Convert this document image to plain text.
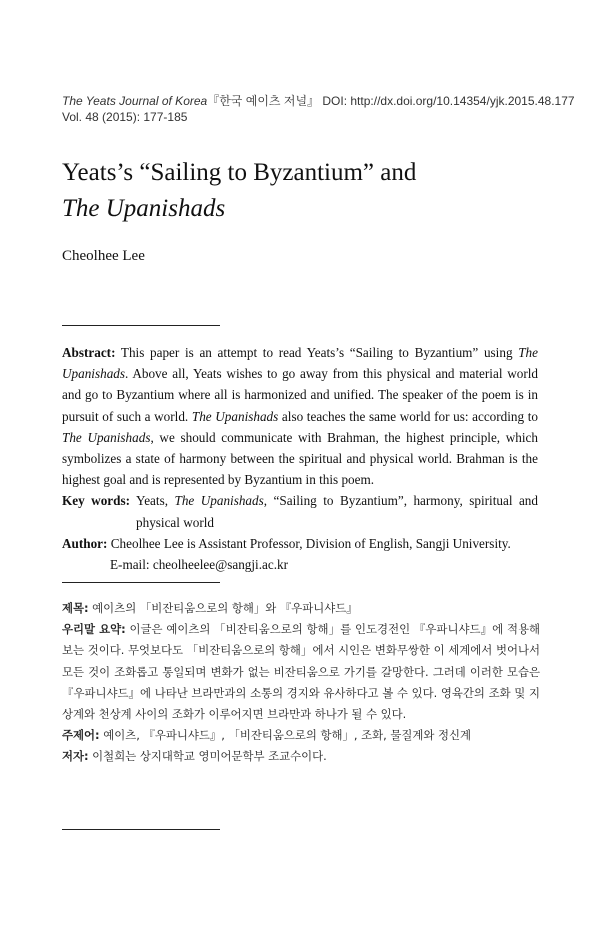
The Yeats Journal of Korea『한국 예이츠 저널』 DOI: http://dx.doi.org/10.14354/yjk.2015.48.177
Vol. 48 (2015): 177-185
Yeats’s “Sailing to Byzantium” and
The Upanishads
Cheolhee Lee

Abstract: This paper is an attempt to read Yeats’s “Sailing to Byzantium” using The Upanishads. Above all, Yeats wishes to go away from this physical and material world and go to Byzantium where all is harmonized and unified. The speaker of the poem is in pursuit of such a world. The Upanishads also teaches the same world for us: according to The Upanishads, we should communicate with Brahman, the highest principle, which symbolizes a state of harmony between the spiritual and physical world. Brahman is the highest goal and is represented by Byzantium in this poem.

Key words: Yeats, The Upanishads, “Sailing to Byzantium”, harmony, spiritual and physical world

Author: Cheolhee Lee is Assistant Professor, Division of English, Sangji University.

E-mail: cheolheelee@sangji.ac.kr

제목: 예이츠의 「비잔티움으로의 항해」와 『우파니샤드』

우리말 요약: 이글은 예이츠의 「비잔티움으로의 항해」를 인도경전인 『우파니샤드』에 적용해 보는 것이다. 무엇보다도 「비잔티움으로의 항해」에서 시인은 변화무쌍한 이 세계에서 벗어나서 모든 것이 조화롭고 통일되며 변화가 없는 비잔티움으로 가기를 갈망한다. 그러데 이러한 모습은 『우파니샤드』에 나타난 브라만과의 소통의 경지와 유사하다고 볼 수 있다. 영육간의 조화 및 지상계와 천상계 사이의 조화가 이루어지면 브라만과 하나가 될 수 있다.

주제어: 예이츠, 『우파니샤드』, 「비잔티움으로의 항해」, 조화, 물질계와 정신계

저자: 이철희는 상지대학교 영미어문학부 조교수이다.
